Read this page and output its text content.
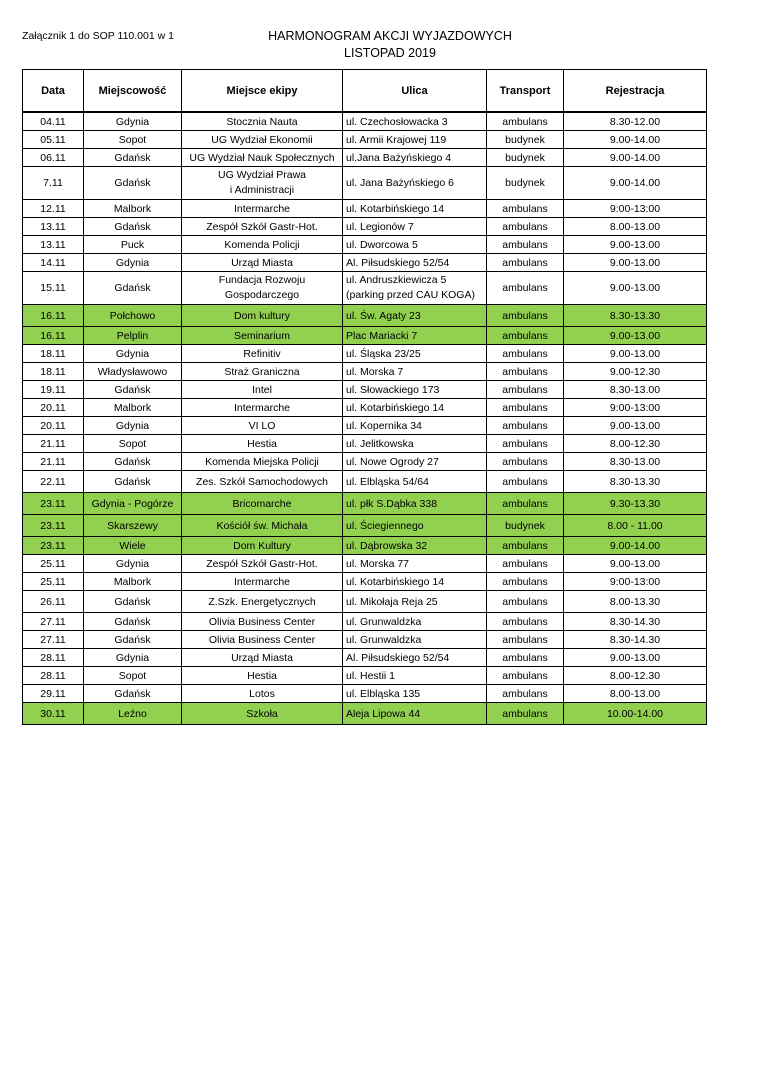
Załącznik 1 do SOP 110.001 w 1	HARMONOGRAM AKCJI WYJAZDOWYCH
LISTOPAD 2019
Data	Miejscowość	Miejsce ekipy	Ulica	Transport	Rejestracja
04.11	Gdynia	Stocznia Nauta	ul. Czechosłowacka 3	ambulans	8.30-12.00
05.11	Sopot	UG Wydział Ekonomii	ul. Armii Krajowej 119	budynek	9.00-14.00
06.11	Gdańsk	UG Wydział Nauk Społecznych	ul.Jana Bażyńskiego 4	budynek	9.00-14.00
7.11	Gdańsk	UG Wydział Prawa
i Administracji	ul. Jana Bażyńskiego 6	budynek	9.00-14.00
12.11	Malbork	Intermarche	ul. Kotarbińskiego 14	ambulans	9:00-13:00
13.11	Gdańsk	Zespół Szkół Gastr-Hot.	ul. Legionów 7	ambulans	8.00-13.00
13.11	Puck	Komenda Policji	ul. Dworcowa 5	ambulans	9.00-13.00
14.11	Gdynia	Urząd Miasta	Al. Piłsudskiego 52/54	ambulans	9.00-13.00
15.11	Gdańsk	Fundacja Rozwoju
Gospodarczego	ul. Andruszkiewicza 5
(parking przed CAU KOGA)	ambulans	9.00-13.00
16.11	Połchowo	Dom kultury	ul. Św. Agaty 23	ambulans	8.30-13.30
16.11	Pelplin	Seminarium	Plac Mariacki 7	ambulans	9.00-13.00
18.11	Gdynia	Refinitiv	ul. Śląska 23/25	ambulans	9.00-13.00
18.11	Władysławowo	Straż Graniczna	ul. Morska 7	ambulans	9.00-12.30
19.11	Gdańsk	Intel	ul. Słowackiego 173	ambulans	8.30-13.00
20.11	Malbork	Intermarche	ul. Kotarbińskiego 14	ambulans	9:00-13:00
20.11	Gdynia	VI LO	ul. Kopernika 34	ambulans	9.00-13.00
21.11	Sopot	Hestia	ul. Jelitkowska	ambulans	8.00-12.30
21.11	Gdańsk	Komenda Miejska Policji	ul. Nowe Ogrody 27	ambulans	8.30-13.00
22.11	Gdańsk	Zes. Szkół Samochodowych	ul. Elbląska 54/64	ambulans	8.30-13.30
23.11	Gdynia - Pogórze	Bricomarche	ul. płk S.Dąbka 338	ambulans	9.30-13.30
23.11	Skarszewy	Kościół św. Michała	ul. Ściegiennego	budynek	8.00 - 11.00
23.11	Wiele	Dom Kultury	ul. Dąbrowska 32	ambulans	9.00-14.00
25.11	Gdynia	Zespół Szkół Gastr-Hot.	ul. Morska 77	ambulans	9.00-13.00
25.11	Malbork	Intermarche	ul. Kotarbińskiego 14	ambulans	9:00-13:00
26.11	Gdańsk	Z.Szk. Energetycznych	ul. Mikołaja Reja 25	ambulans	8.00-13.30
27.11	Gdańsk	Olivia Business Center	ul. Grunwaldzka	ambulans	8.30-14.30
27.11	Gdańsk	Olivia Business Center	ul. Grunwaldzka	ambulans	8.30-14.30
28.11	Gdynia	Urząd Miasta	Al. Piłsudskiego 52/54	ambulans	9.00-13.00
28.11	Sopot	Hestia	ul. Hestii 1	ambulans	8.00-12.30
29.11	Gdańsk	Lotos	ul. Elbląska 135	ambulans	8.00-13.00
30.11	Leźno	Szkoła	Aleja Lipowa 44	ambulans	10.00-14.00
